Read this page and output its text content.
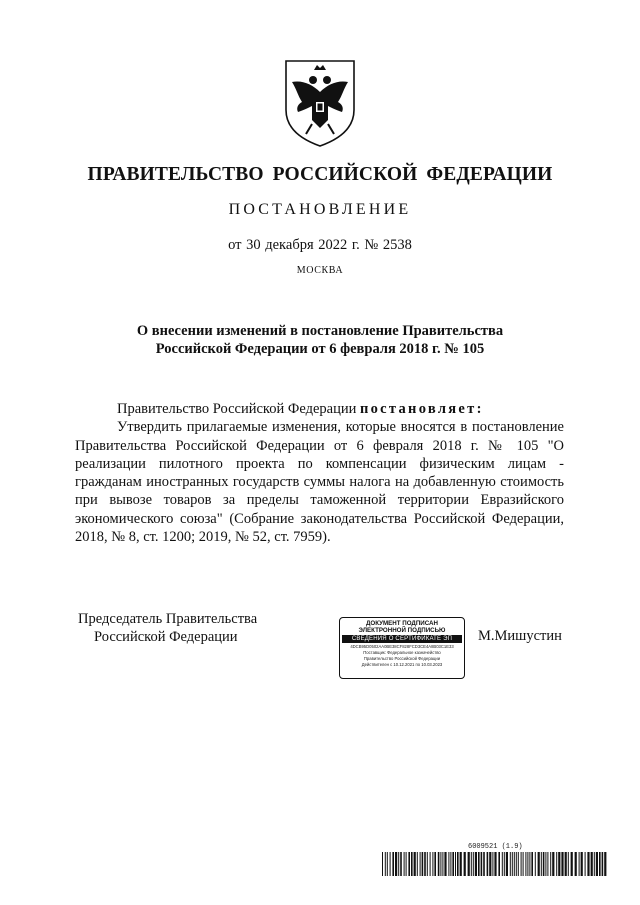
ПРАВИТЕЛЬСТВО РОССИЙСКОЙ ФЕДЕРАЦИИ
ПОСТАНОВЛЕНИЕ
от 30 декабря 2022 г. № 2538
МОСКВА
О внесении изменений в постановление Правительства
Российской Федерации от 6 февраля 2018 г. № 105

Правительство Российской Федерации постановляет:

Утвердить прилагаемые изменения, которые вносятся в постановление Правительства Российской Федерации от 6 февраля 2018 г. № 105 "О реализации пилотного проекта по компенсации физическим лицам - гражданам иностранных государств суммы налога на добавленную стоимость при вывозе товаров за пределы таможенной территории Евразийского экономического союза" (Собрание законодательства Российской Федерации, 2018, № 8, ст. 1200; 2019, № 52, ст. 7959).

Председатель Правительства
Российской Федерации
ДОКУМЕНТ ПОДПИСАН
ЭЛЕКТРОННОЙ ПОДПИСЬЮ
СВЕДЕНИЯ О СЕРТИФИКАТЕ ЭП
4DCB95D0502AA0BE38CF828FCD3CE4A8B03C1E33
Поставщик: Федеральное казначейство
Правительство Российской Федерации
Действителен с 10.12.2021 по 10.03.2023
М.Мишустин
6009521 (1.9)
